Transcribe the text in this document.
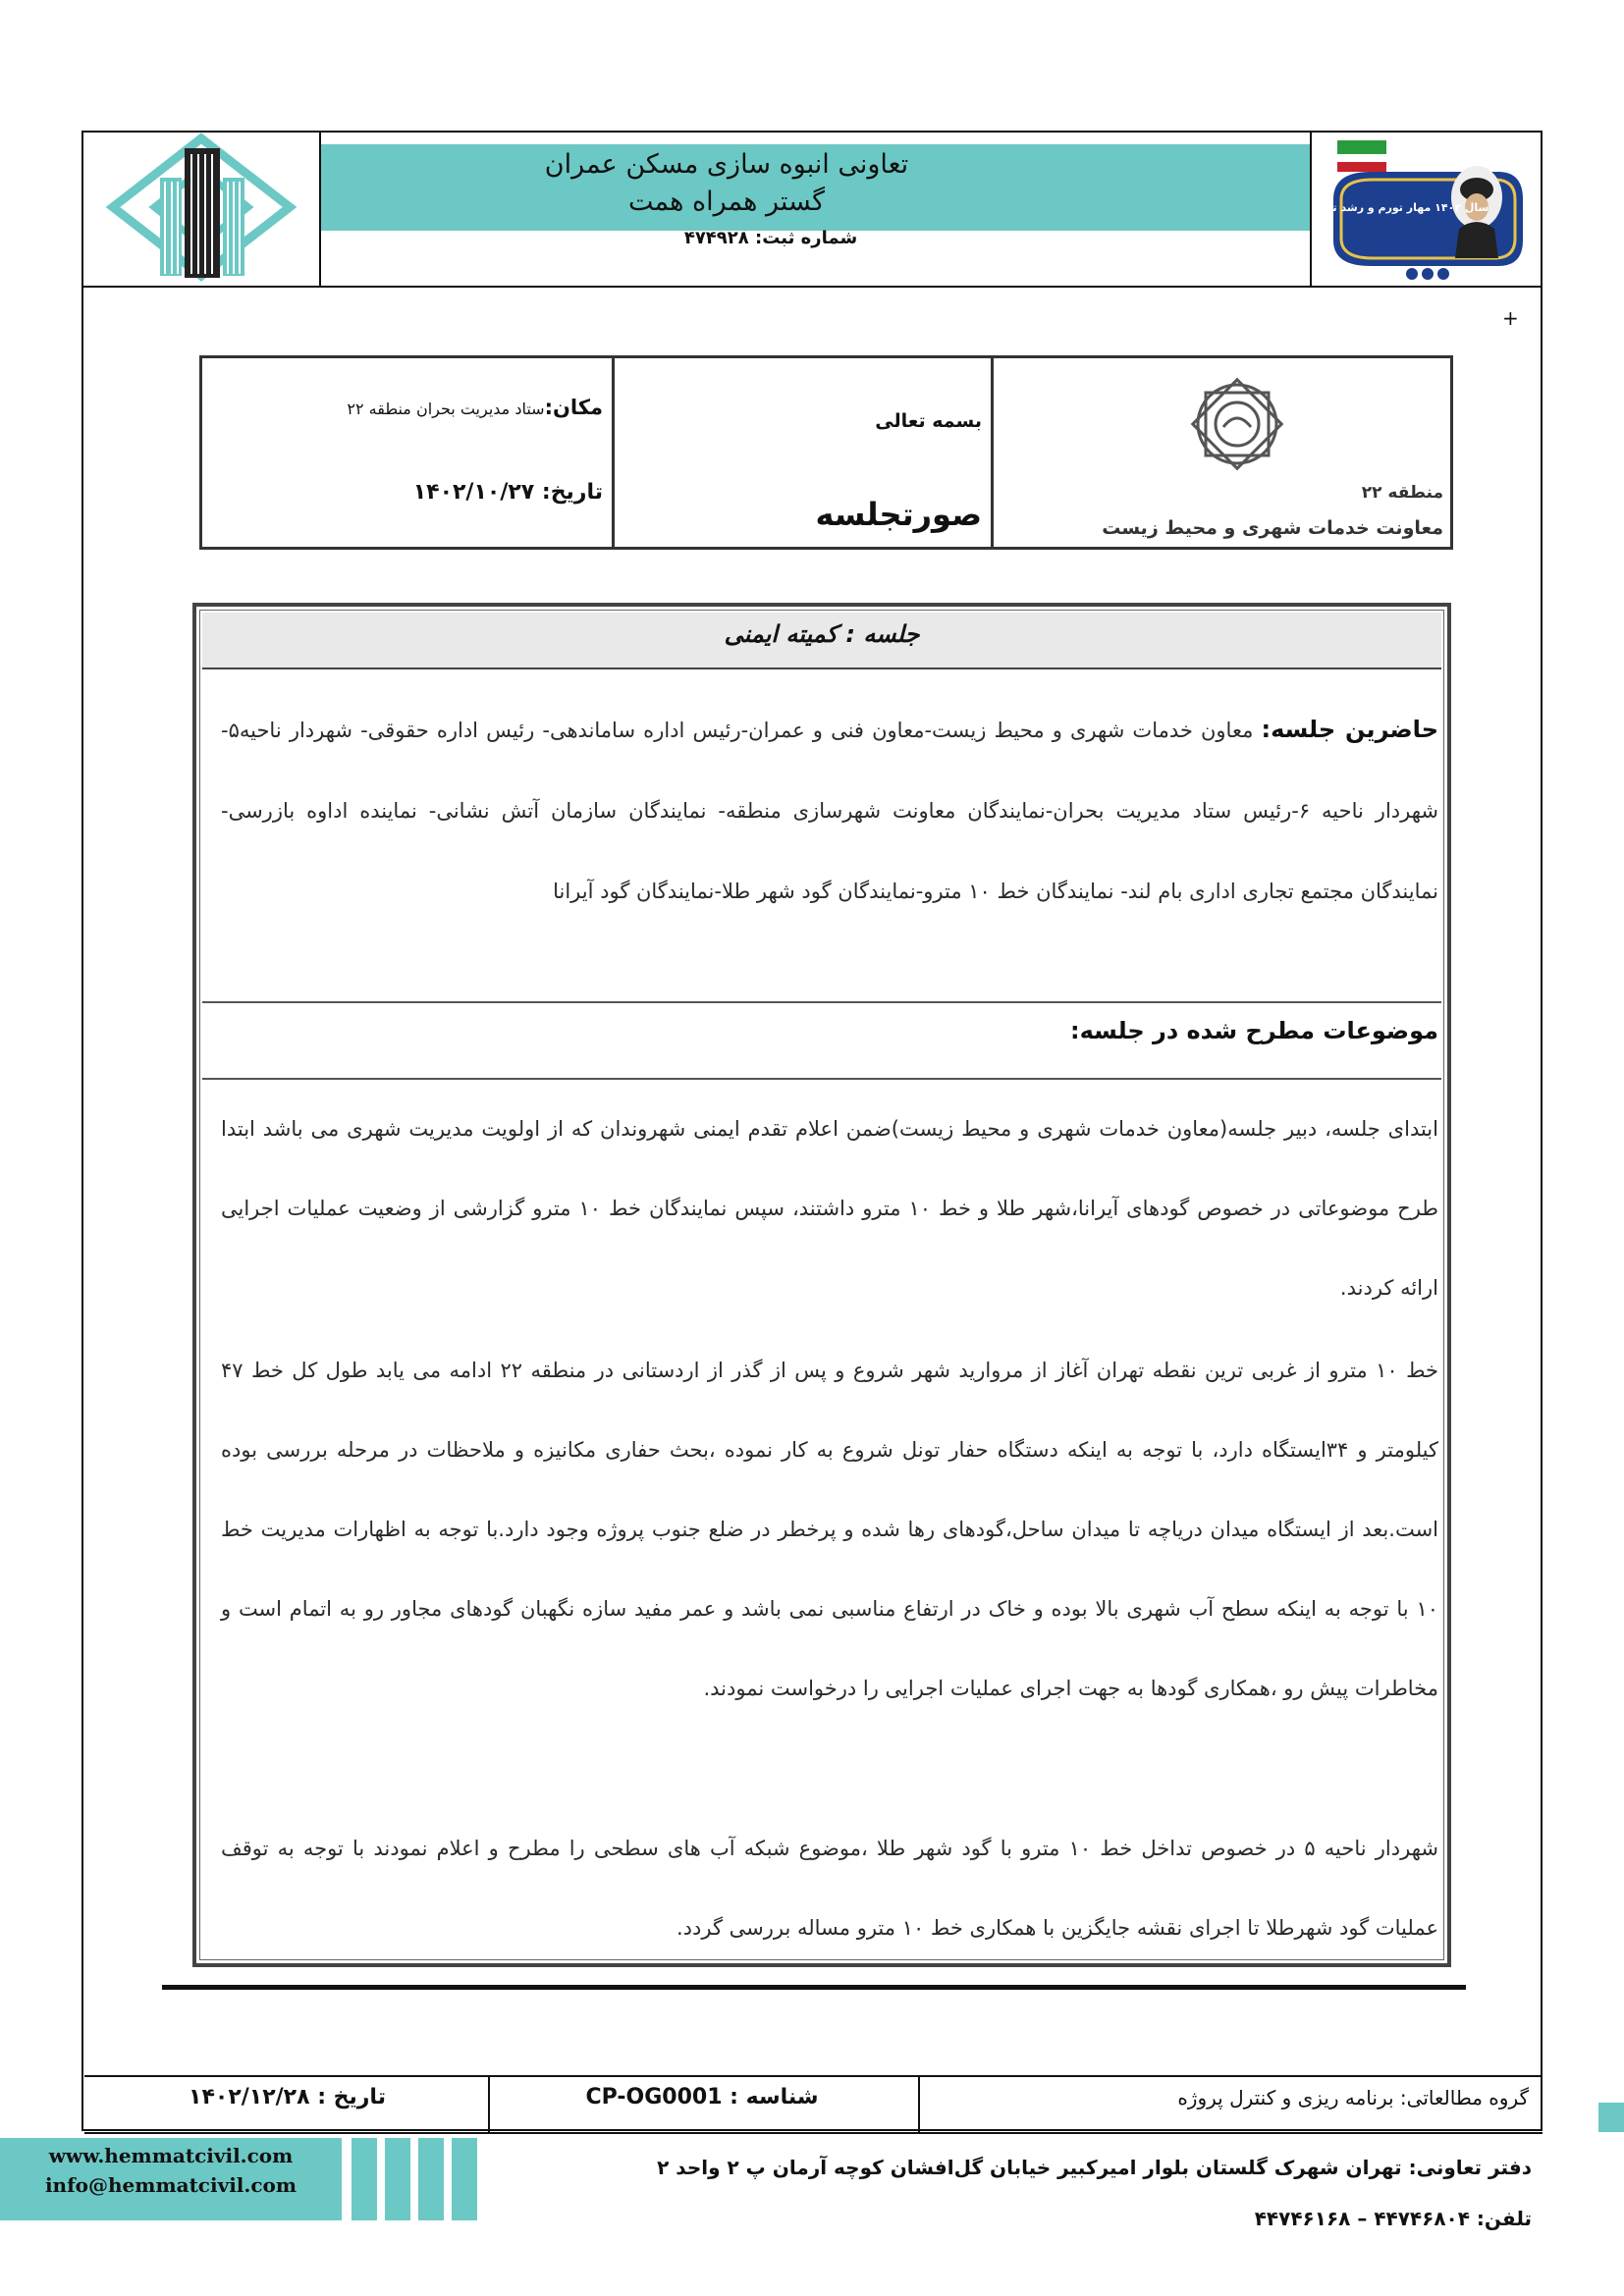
تعاونی انبوه سازی مسکن عمران
گستر همراه همت
شماره ثبت: ۴۷۴۹۲۸
سال ۱۴۰۲ مهار تورم و رشد تولید
+
بسمه تعالی
صورتجلسه
مکان:ستاد مدیریت بحران منطقه ۲۲
تاریخ: ۱۴۰۲/۱۰/۲۷	منطقه ۲۲
معاونت خدمات شهری و محیط زیست
جلسه : کمیته ایمنی
حاضرین جلسه: معاون خدمات شهری و محیط زیست-معاون فنی و عمران-رئیس اداره ساماندهی- رئیس اداره حقوقی- شهردار ناحیه۵-شهردار ناحیه ۶-رئیس ستاد مدیریت بحران-نمایندگان معاونت شهرسازی منطقه- نمایندگان سازمان آتش نشانی- نماینده اداوه بازرسی-نمایندگان مجتمع تجاری اداری بام لند- نمایندگان خط ۱۰ مترو-نمایندگان گود شهر طلا-نمایندگان گود آیرانا
موضوعات مطرح شده در جلسه:
ابتدای جلسه، دبیر جلسه(معاون خدمات شهری و محیط زیست)ضمن اعلام تقدم ایمنی شهروندان که از اولویت مدیریت شهری می باشد ابتدا طرح موضوعاتی در خصوص گودهای آیرانا،شهر طلا و خط ۱۰ مترو داشتند، سپس نمایندگان خط ۱۰ مترو گزارشی از وضعیت عملیات اجرایی ارائه کردند.
خط ۱۰ مترو از غربی ترین نقطه تهران آغاز از مروارید شهر شروع و پس از گذر از اردستانی در منطقه ۲۲ ادامه می یابد طول کل خط ۴۷ کیلومتر و ۳۴ایستگاه دارد، با توجه به اینکه دستگاه حفار تونل شروع به کار نموده ،بحث حفاری مکانیزه و ملاحظات در مرحله بررسی بوده است.بعد از ایستگاه میدان دریاچه تا میدان ساحل،گودهای رها شده و پرخطر در ضلع جنوب پروژه وجود دارد.با توجه به اظهارات مدیریت خط ۱۰ با توجه به اینکه سطح آب شهری بالا بوده و خاک در ارتفاع مناسبی نمی باشد و عمر مفید سازه نگهبان گودهای مجاور رو به اتمام است و مخاطرات پیش رو ،همکاری گودها به جهت اجرای عملیات اجرایی را درخواست نمودند.
شهردار ناحیه ۵ در خصوص تداخل خط ۱۰ مترو با گود شهر طلا ،موضوع شبکه آب های سطحی را مطرح و اعلام نمودند با توجه به توقف عملیات گود شهرطلا تا اجرای نقشه جایگزین با همکاری خط ۱۰ مترو مساله بررسی گردد.
گروه مطالعاتی: برنامه ریزی و کنترل پروژه
شناسه : CP-OG0001
تاریخ : ۱۴۰۲/۱۲/۲۸
www.hemmatcivil.com
info@hemmatcivil.com
دفتر تعاونی: تهران شهرک گلستان بلوار امیرکبیر خیابان گل‌افشان کوچه آرمان پ ۲ واحد ۲
تلفن: ۴۴۷۴۶۸۰۴ – ۴۴۷۴۶۱۶۸
